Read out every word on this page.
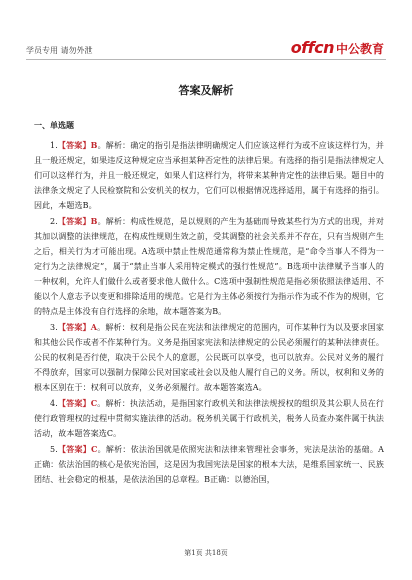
学员专用 请勿外泄	offcn 中公教育
答案及解析
一、单选题

1.【答案】B。解析：确定的指引是指法律明确规定人们应该这样行为或不应该这样行为，并且一般还规定，如果违反这种规定应当承担某种否定性的法律后果。有选择的指引是指法律规定人们可以这样行为，并且一般还规定，如果人们这样行为，将带来某种肯定性的法律后果。题目中的法律条文规定了人民检察院和公安机关的权力，它们可以根据情况选择适用，属于有选择的指引。因此，本题选B。

2.【答案】B。解析：构成性规范，是以规则的产生为基础而导致某些行为方式的出现，并对其加以调整的法律规范，在构成性规则生效之前，受其调整的社会关系并不存在，只有当规则产生之后，相关行为才可能出现。A选项中禁止性规范通常称为禁止性规范，是“命令当事人不得为一定行为之法律规定”，属于“禁止当事人采用特定模式的强行性规范”。B选项中法律赋予当事人的一种权利，允许人们做什么或者要求他人做什么。C选项中强制性规范是指必须依照法律适用、不能以个人意志予以变更和排除适用的规范。它是行为主体必须按行为指示作为或不作为的规则，它的特点是主体没有自行选择的余地，故本题答案为B。

3.【答案】A。解析：权利是指公民在宪法和法律规定的范围内，可作某种行为以及要求国家和其他公民作或者不作某种行为。义务是指国家宪法和法律规定的公民必须履行的某种法律责任。公民的权利是否行使，取决于公民个人的意愿，公民既可以享受，也可以放弃。公民对义务的履行不得放弃，国家可以强制力保障公民对国家或社会以及他人履行自己的义务。所以，权利和义务的根本区别在于：权利可以放弃，义务必须履行。故本题答案选A。

4.【答案】C。解析：执法活动，是指国家行政机关和法律法规授权的组织及其公职人员在行使行政管理权的过程中贯彻实施法律的活动。税务机关属于行政机关，税务人员查办案件属于执法活动，故本题答案选C。

5.【答案】C。解析：依法治国就是依照宪法和法律来管理社会事务，宪法是法治的基础。A正确：依法治国的核心是依宪治国，这是因为我国宪法是国家的根本大法，是维系国家统一、民族团结、社会稳定的根基，是依法治国的总章程。B正确：以德治国，

第1页 共18页
